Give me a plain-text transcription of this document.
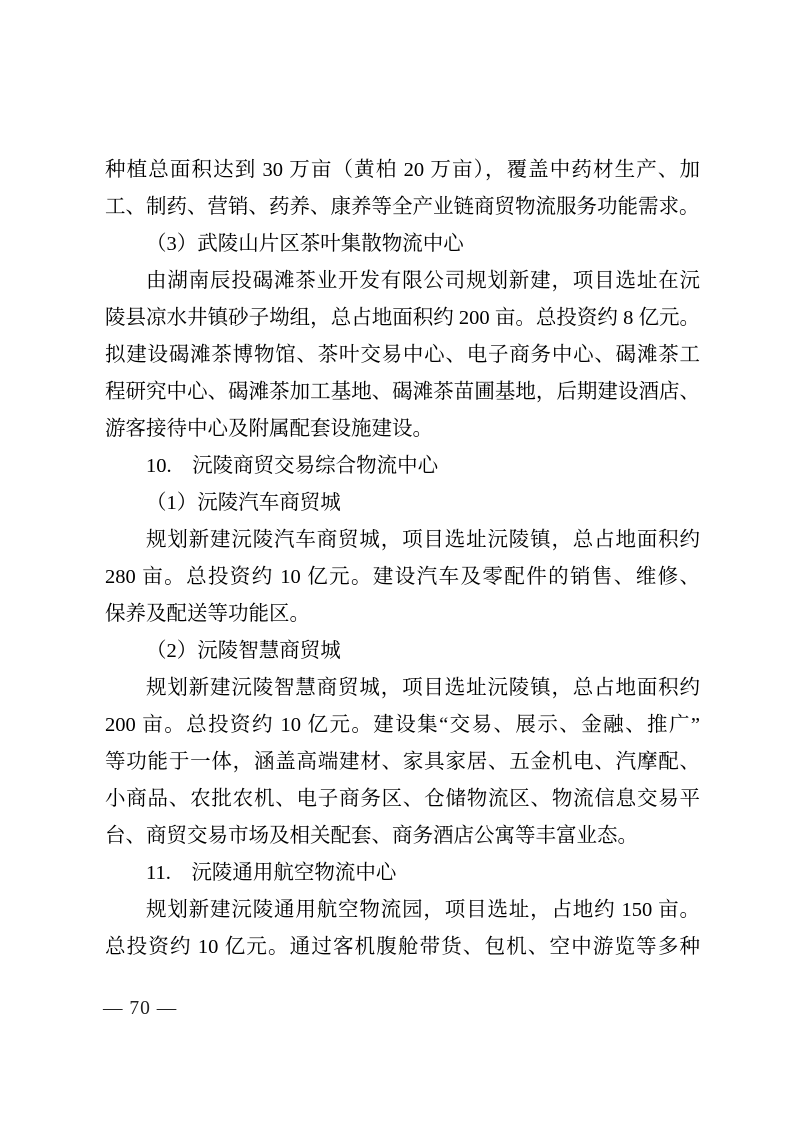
种植总面积达到 30 万亩（黄柏 20 万亩），覆盖中药材生产、加
工、制药、营销、药养、康养等全产业链商贸物流服务功能需求。
（3）武陵山片区茶叶集散物流中心
由湖南辰投碣滩茶业开发有限公司规划新建，项目选址在沅
陵县凉水井镇砂子坳组，总占地面积约 200 亩。总投资约 8 亿元。
拟建设碣滩茶博物馆、茶叶交易中心、电子商务中心、碣滩茶工
程研究中心、碣滩茶加工基地、碣滩茶苗圃基地，后期建设酒店、
游客接待中心及附属配套设施建设。
10.　沅陵商贸交易综合物流中心
（1）沅陵汽车商贸城
规划新建沅陵汽车商贸城，项目选址沅陵镇，总占地面积约
280 亩。总投资约 10 亿元。建设汽车及零配件的销售、维修、
保养及配送等功能区。
（2）沅陵智慧商贸城
规划新建沅陵智慧商贸城，项目选址沅陵镇，总占地面积约
200 亩。总投资约 10 亿元。建设集“交易、展示、金融、推广”
等功能于一体，涵盖高端建材、家具家居、五金机电、汽摩配、
小商品、农批农机、电子商务区、仓储物流区、物流信息交易平
台、商贸交易市场及相关配套、商务酒店公寓等丰富业态。
11.　沅陵通用航空物流中心
规划新建沅陵通用航空物流园，项目选址，占地约 150 亩。
总投资约 10 亿元。通过客机腹舱带货、包机、空中游览等多种
— 70 —
